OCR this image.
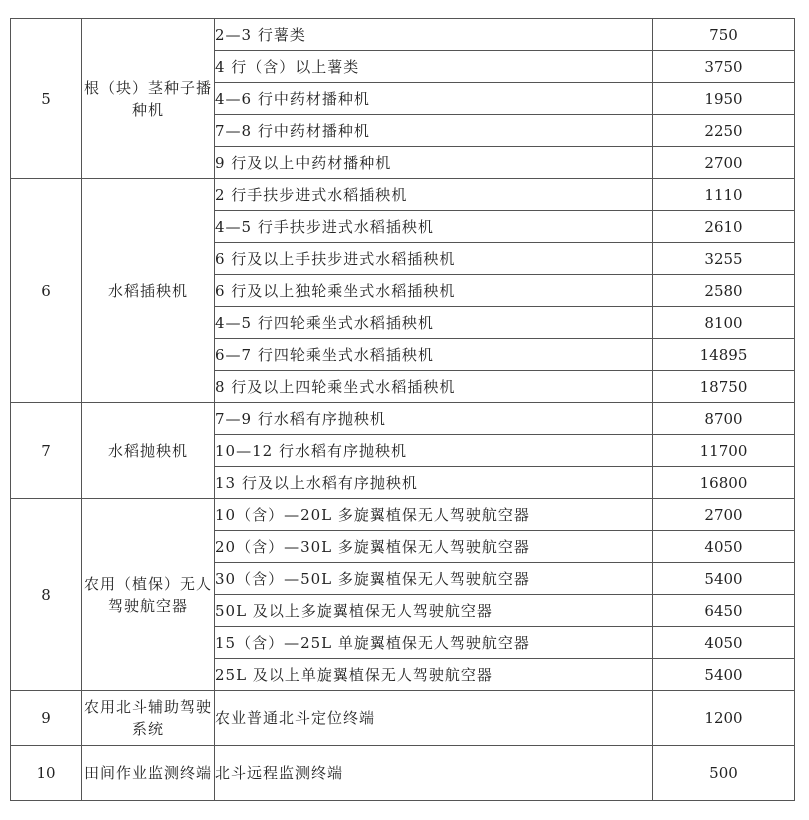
5	根（块）茎种子播种机	2—3 行薯类	750
		4 行（含）以上薯类	3750
		4—6 行中药材播种机	1950
		7—8 行中药材播种机	2250
		9 行及以上中药材播种机	2700
6	水稻插秧机	2 行手扶步进式水稻插秧机	1110
		4—5 行手扶步进式水稻插秧机	2610
		6 行及以上手扶步进式水稻插秧机	3255
		6 行及以上独轮乘坐式水稻插秧机	2580
		4—5 行四轮乘坐式水稻插秧机	8100
		6—7 行四轮乘坐式水稻插秧机	14895
		8 行及以上四轮乘坐式水稻插秧机	18750
7	水稻抛秧机	7—9 行水稻有序抛秧机	8700
		10—12 行水稻有序抛秧机	11700
		13 行及以上水稻有序抛秧机	16800
8	农用（植保）无人驾驶航空器	10（含）—20L 多旋翼植保无人驾驶航空器	2700
		20（含）—30L 多旋翼植保无人驾驶航空器	4050
		30（含）—50L 多旋翼植保无人驾驶航空器	5400
		50L 及以上多旋翼植保无人驾驶航空器	6450
		15（含）—25L 单旋翼植保无人驾驶航空器	4050
		25L 及以上单旋翼植保无人驾驶航空器	5400
9	农用北斗辅助驾驶系统	农业普通北斗定位终端	1200
10	田间作业监测终端	北斗远程监测终端	500
